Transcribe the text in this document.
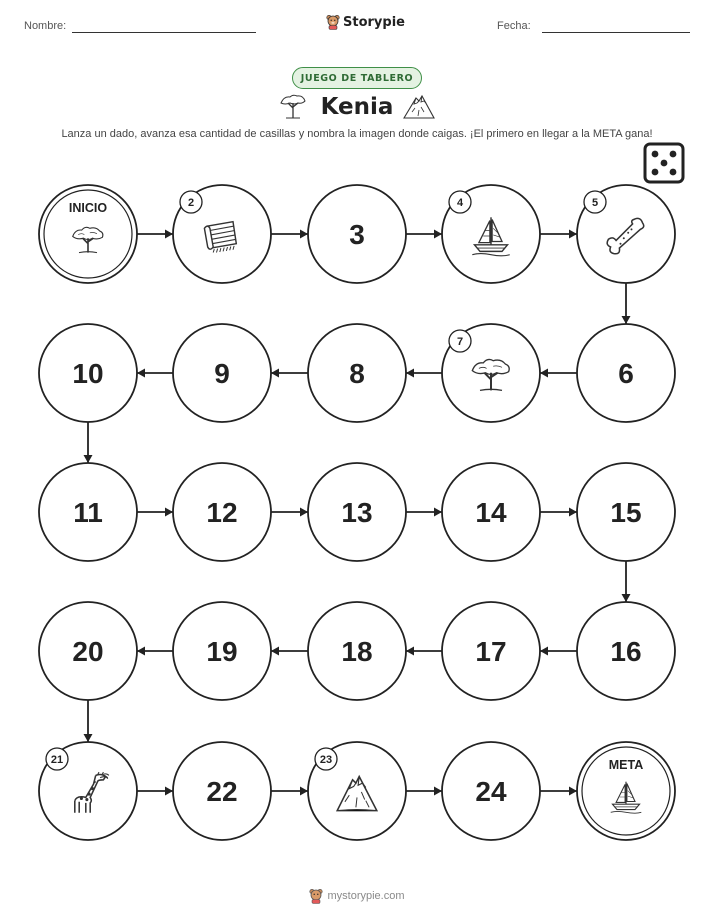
Nombre:	Storypie	Fecha:
JUEGO DE TABLERO
Kenia
Lanza un dado, avanza esa cantidad de casillas y nombra la imagen donde caigas. ¡El primero en llegar a la META gana!
INICIO	2
3
4	5
6
7
8
9
10
11	12	13	14	15
16
17
18
19
20
21
22
23
24
META
mystorypie.com
